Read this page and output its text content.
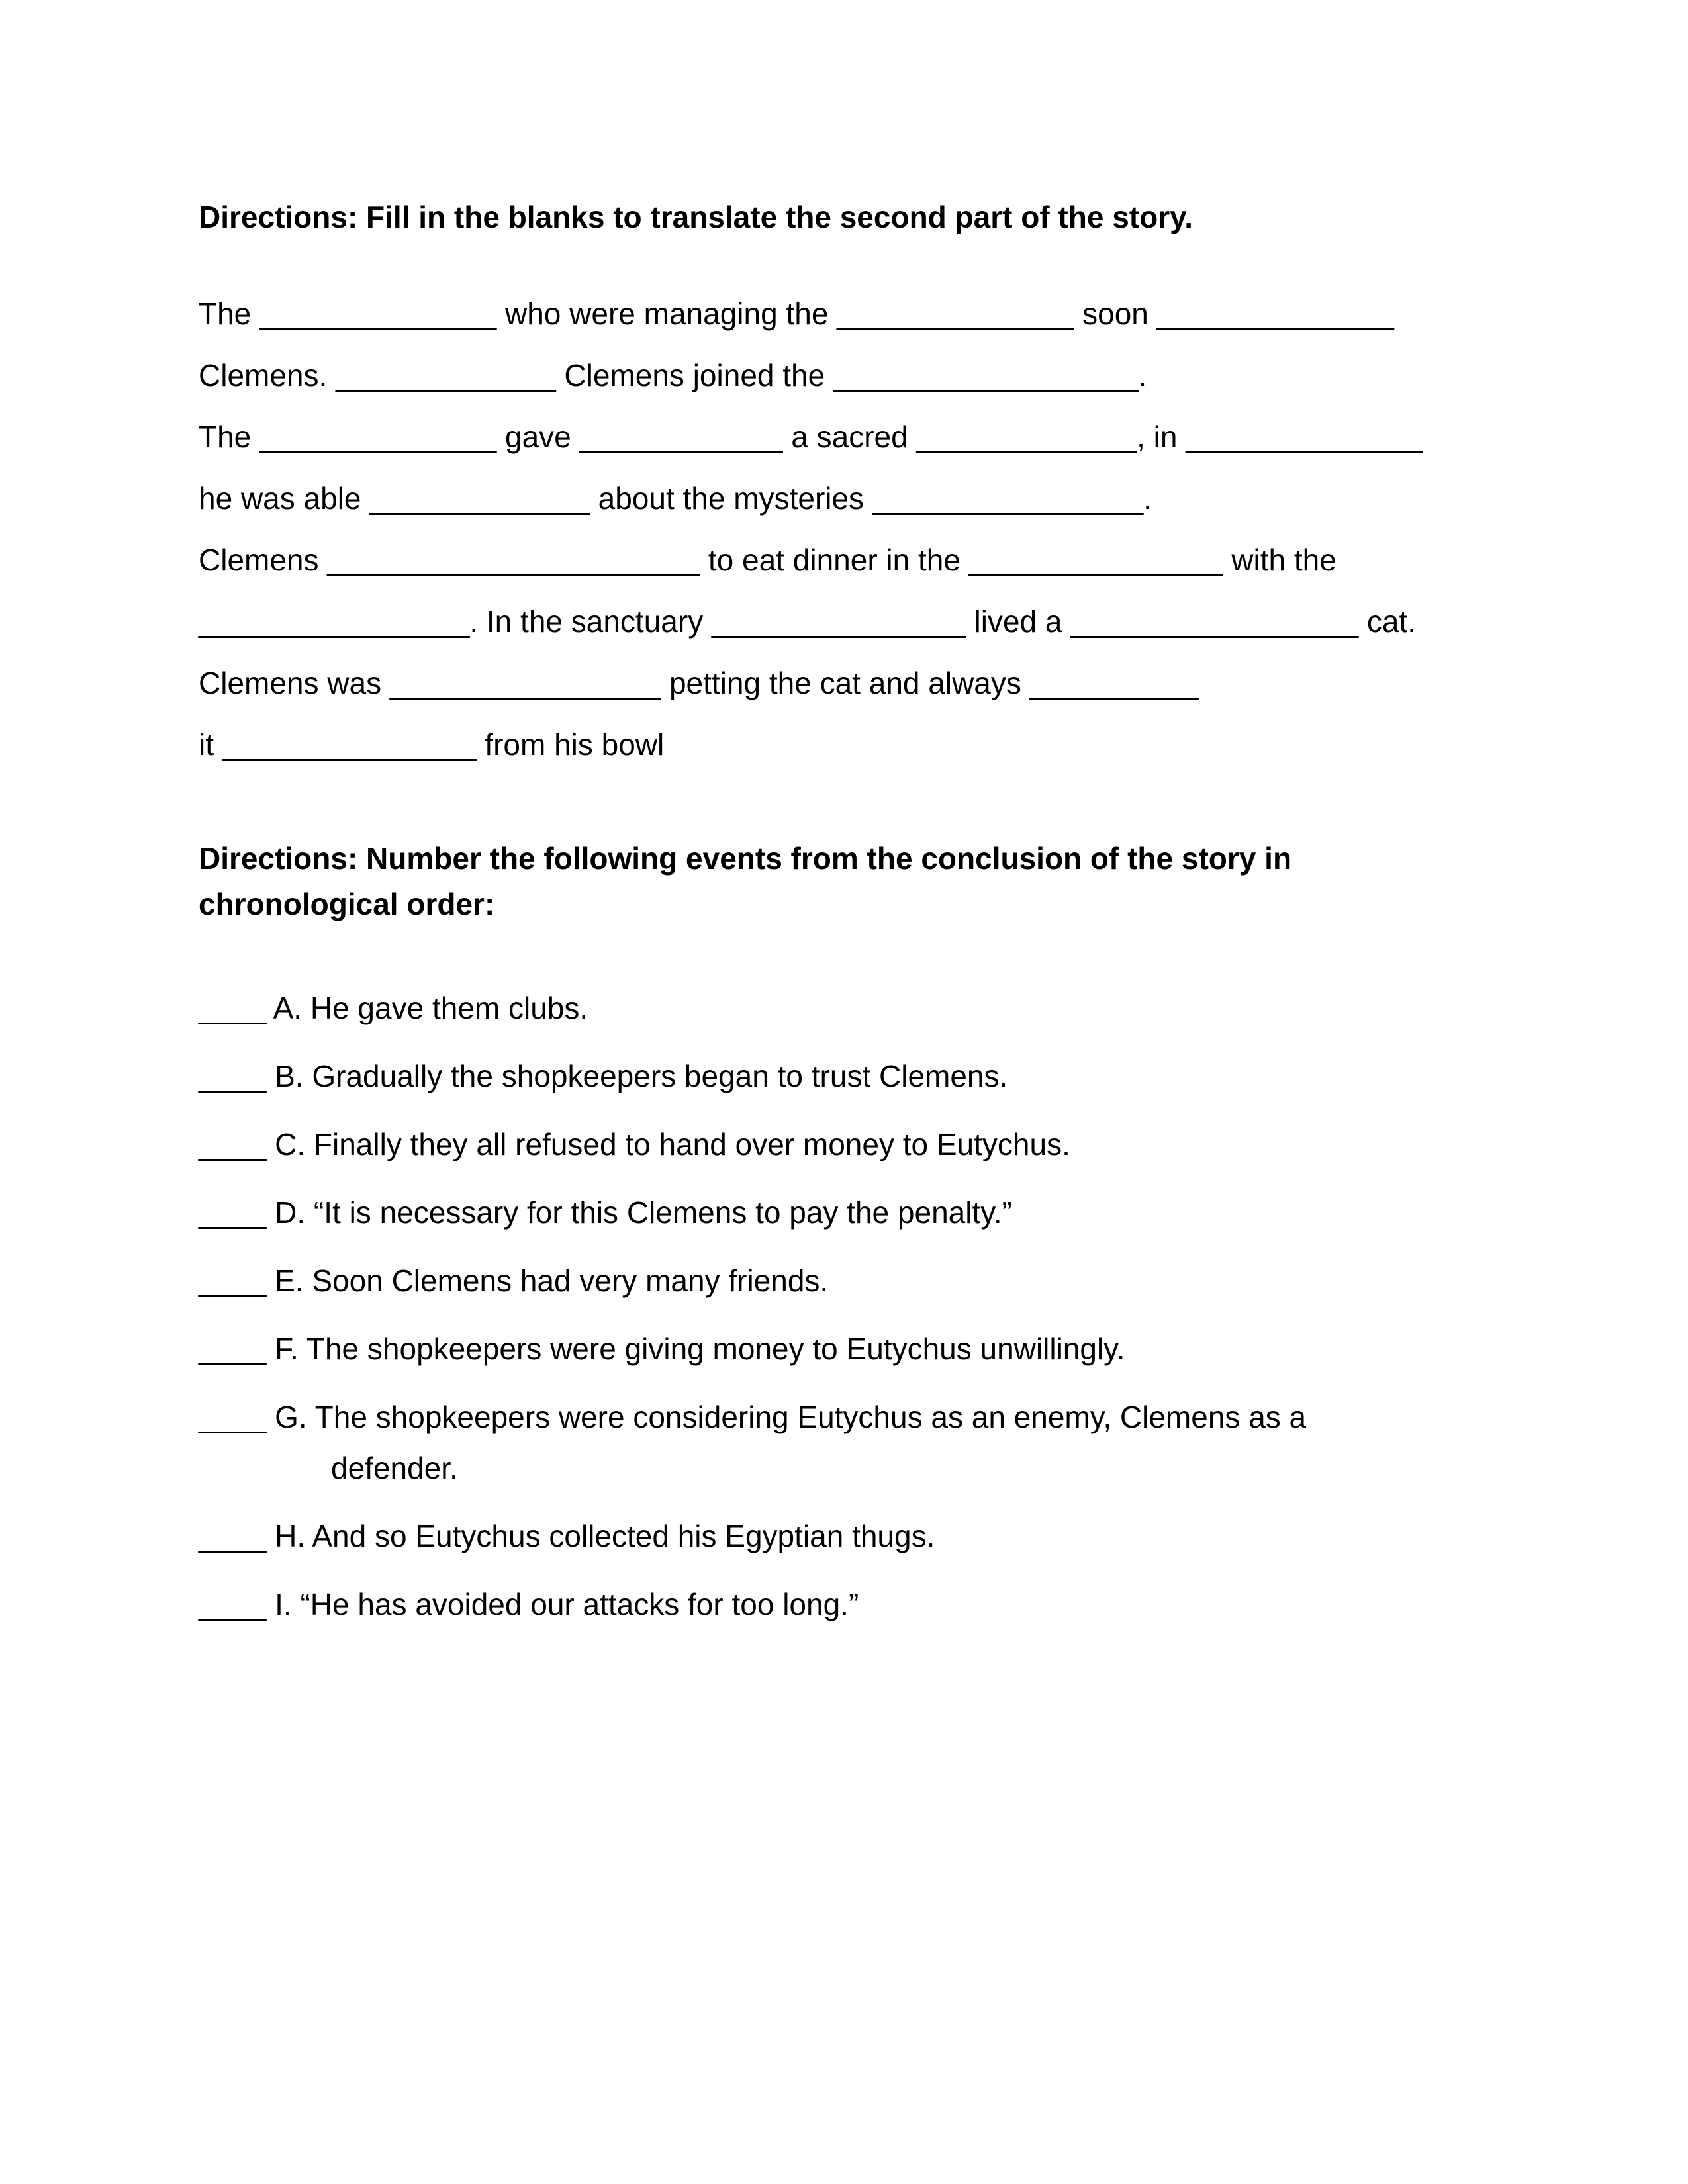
Directions: Fill in the blanks to translate the second part of the story.
The ______________ who were managing the ______________ soon ______________
Clemens. _____________ Clemens joined the __________________.
The ______________ gave ____________ a sacred _____________, in ______________
he was able _____________ about the mysteries ________________.
Clemens ______________________ to eat dinner in the _______________ with the
________________. In the sanctuary _______________ lived a _________________ cat.
Clemens was ________________ petting the cat and always __________
it _______________ from his bowl
Directions: Number the following events from the conclusion of the story in
chronological order:
____ A. He gave them clubs.
____ B. Gradually the shopkeepers began to trust Clemens.
____ C. Finally they all refused to hand over money to Eutychus.
____ D. “It is necessary for this Clemens to pay the penalty.”
____ E. Soon Clemens had very many friends.
____ F. The shopkeepers were giving money to Eutychus unwillingly.
____ G. The shopkeepers were considering Eutychus as an enemy, Clemens as a
defender.
____ H. And so Eutychus collected his Egyptian thugs.
____ I. “He has avoided our attacks for too long.”
